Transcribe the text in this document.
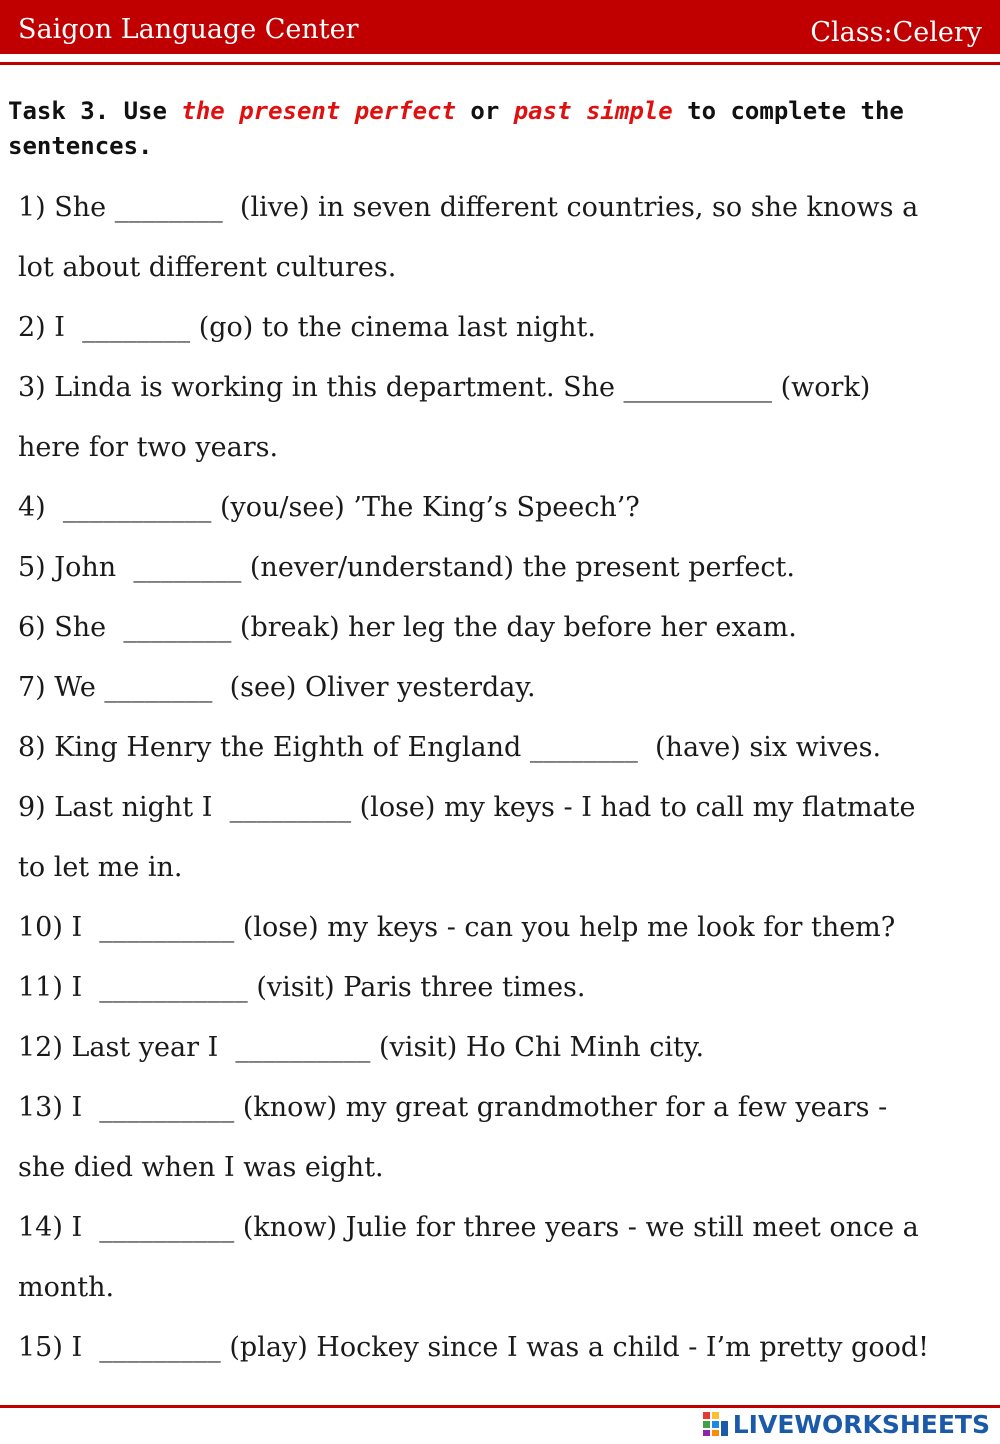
Saigon Language Center	Class:Celery
Task 3. Use the present perfect or past simple to complete the sentences.
1) She ________  (live) in seven different countries, so she knows a
lot about different cultures.
2) I  ________ (go) to the cinema last night.
3) Linda is working in this department. She ___________ (work)
here for two years.
4)  ___________ (you/see) ’The King’s Speech’?
5) John  ________ (never/understand) the present perfect.
6) She  ________ (break) her leg the day before her exam.
7) We ________  (see) Oliver yesterday.
8) King Henry the Eighth of England ________  (have) six wives.
9) Last night I  _________ (lose) my keys - I had to call my flatmate
to let me in.
10) I  __________ (lose) my keys - can you help me look for them?
11) I  ___________ (visit) Paris three times.
12) Last year I  __________ (visit) Ho Chi Minh city.
13) I  __________ (know) my great grandmother for a few years -
she died when I was eight.
14) I  __________ (know) Julie for three years - we still meet once a
month.
15) I  _________ (play) Hockey since I was a child - I’m pretty good!
LIVEWORKSHEETS
